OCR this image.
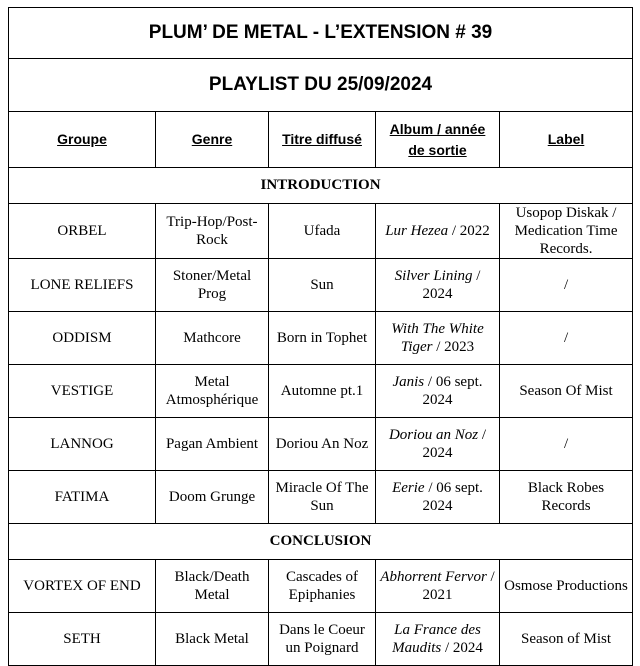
PLUM’ DE METAL - L’EXTENSION # 39				
PLAYLIST DU 25/09/2024				
Groupe	Genre	Titre diffusé	Album / année de sortie	Label
INTRODUCTION				
ORBEL	Trip-Hop/Post-Rock	Ufada	Lur Hezea / 2022	Usopop Diskak / Medication Time Records.
LONE RELIEFS	Stoner/Metal Prog	Sun	Silver Lining / 2024	/
ODDISM	Mathcore	Born in Tophet	With The White Tiger / 2023	/
VESTIGE	Metal Atmosphérique	Automne pt.1	Janis / 06 sept. 2024	Season Of Mist
LANNOG	Pagan Ambient	Doriou An Noz	Doriou an Noz / 2024	/
FATIMA	Doom Grunge	Miracle Of The Sun	Eerie / 06 sept. 2024	Black Robes Records
CONCLUSION				
VORTEX OF END	Black/Death Metal	Cascades of Epiphanies	Abhorrent Fervor / 2021	Osmose Productions
SETH	Black Metal	Dans le Coeur un Poignard	La France des Maudits / 2024	Season of Mist
